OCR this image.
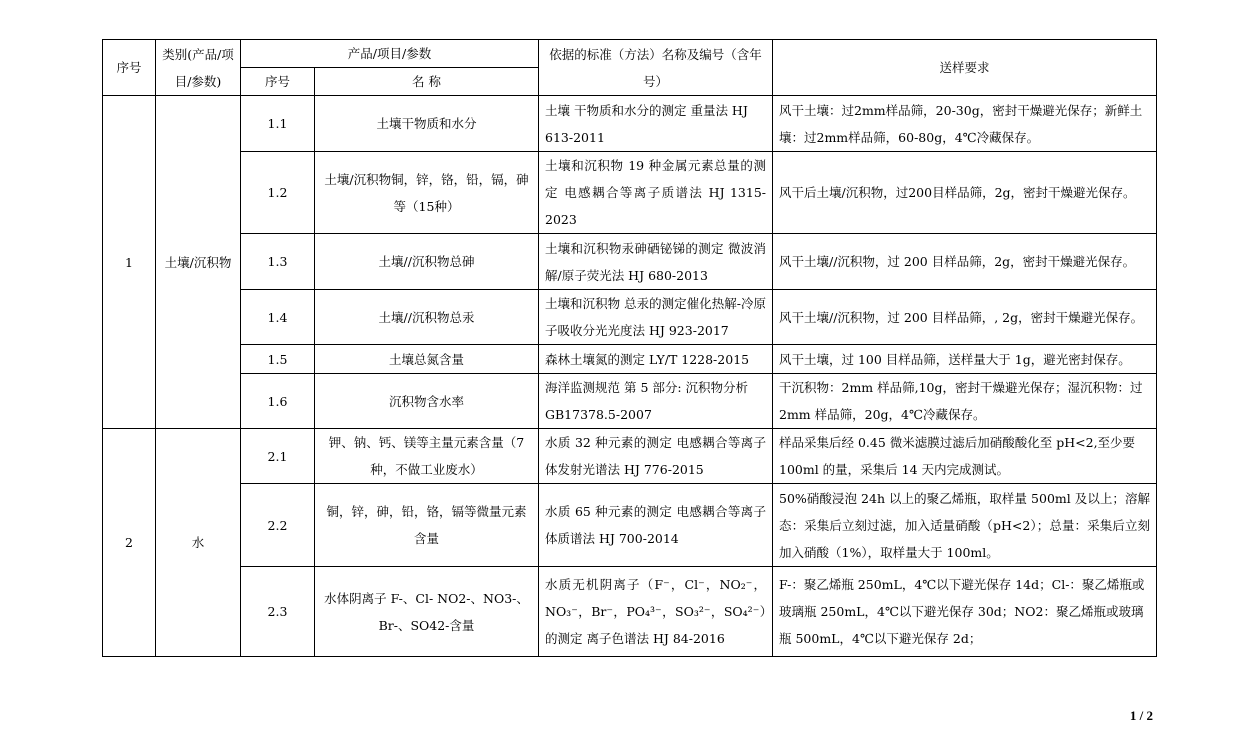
序号	类别(产品/项目/参数)	产品/项目/参数		依据的标准（方法）名称及编号（含年号）	送样要求
		序号	名 称		
1	土壤/沉积物	1.1	土壤干物质和水分	土壤 干物质和水分的测定 重量法 HJ 613-2011	风干土壤：过2mm样品筛，20-30g，密封干燥避光保存；新鲜土壤：过2mm样品筛，60-80g，4℃冷藏保存。
		1.2	土壤/沉积物铜，锌，铬，铅，镉，砷等（15种）	土壤和沉积物 19 种金属元素总量的测定 电感耦合等离子质谱法 HJ 1315-2023	风干后土壤/沉积物，过200目样品筛，2g，密封干燥避光保存。
		1.3	土壤//沉积物总砷	土壤和沉积物汞砷硒铋锑的测定 微波消解/原子荧光法 HJ 680-2013	风干土壤//沉积物，过 200 目样品筛，2g，密封干燥避光保存。
		1.4	土壤//沉积物总汞	土壤和沉积物 总汞的测定催化热解-冷原子吸收分光光度法 HJ 923-2017	风干土壤//沉积物，过 200 目样品筛，, 2g，密封干燥避光保存。
		1.5	土壤总氮含量	森林土壤氮的测定 LY/T 1228-2015	风干土壤，过 100 目样品筛，送样量大于 1g，避光密封保存。
		1.6	沉积物含水率	海洋监测规范 第 5 部分: 沉积物分析 GB17378.5-2007	干沉积物：2mm 样品筛,10g，密封干燥避光保存；湿沉积物：过 2mm 样品筛，20g，4℃冷藏保存。
2	水	2.1	钾、钠、钙、镁等主量元素含量（7种，不做工业废水）	水质 32 种元素的测定 电感耦合等离子体发射光谱法 HJ 776-2015	样品采集后经 0.45 微米滤膜过滤后加硝酸酸化至 pH<2,至少要 100ml 的量，采集后 14 天内完成测试。
		2.2	铜，锌，砷，铅，铬，镉等微量元素含量	水质 65 种元素的测定 电感耦合等离子体质谱法 HJ 700-2014	50%硝酸浸泡 24h 以上的聚乙烯瓶，取样量 500ml 及以上；溶解态：采集后立刻过滤，加入适量硝酸（pH<2）；总量：采集后立刻加入硝酸（1%），取样量大于 100ml。
		2.3	水体阴离子 F-、Cl- NO2-、NO3-、Br-、SO42-含量	水质无机阴离子（F⁻，Cl⁻，NO₂⁻，NO₃⁻，Br⁻，PO₄³⁻，SO₃²⁻，SO₄²⁻）的测定 离子色谱法 HJ 84-2016	F-：聚乙烯瓶 250mL，4℃以下避光保存 14d；Cl-：聚乙烯瓶或玻璃瓶 250mL，4℃以下避光保存 30d；NO2：聚乙烯瓶或玻璃瓶 500mL，4℃以下避光保存 2d；
1 / 2
